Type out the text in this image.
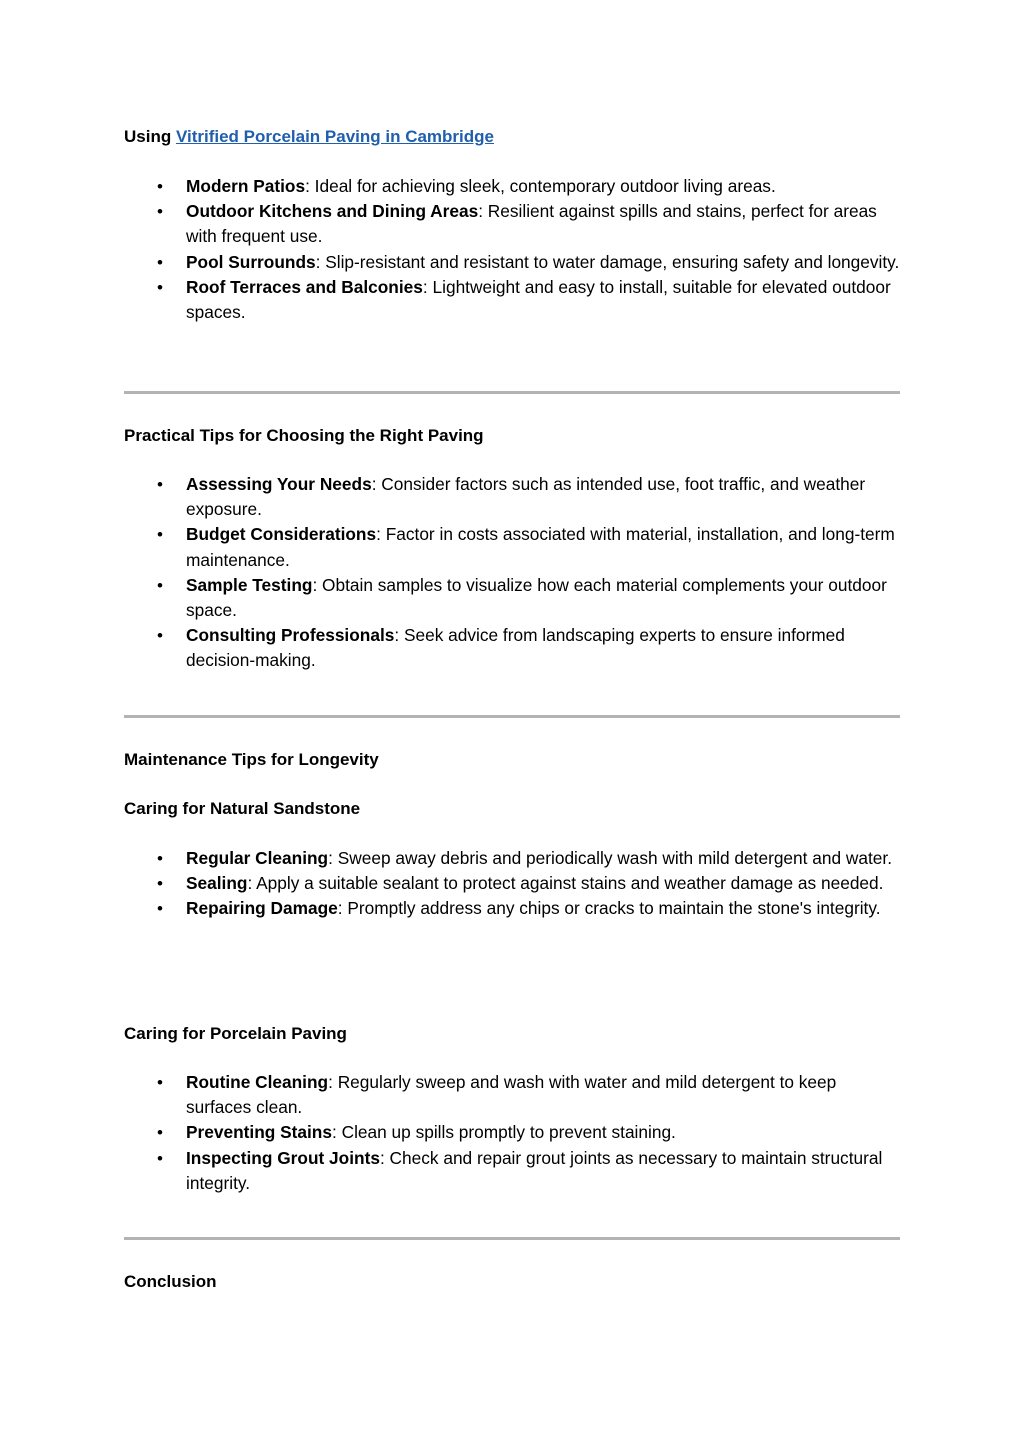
Using Vitrified Porcelain Paving in Cambridge
•	Modern Patios: Ideal for achieving sleek, contemporary outdoor living areas.
•	Outdoor Kitchens and Dining Areas: Resilient against spills and stains, perfect for areas with frequent use.
•	Pool Surrounds: Slip-resistant and resistant to water damage, ensuring safety and longevity.
•	Roof Terraces and Balconies: Lightweight and easy to install, suitable for elevated outdoor spaces.
Practical Tips for Choosing the Right Paving
•	Assessing Your Needs: Consider factors such as intended use, foot traffic, and weather exposure.
•	Budget Considerations: Factor in costs associated with material, installation, and long-term maintenance.
•	Sample Testing: Obtain samples to visualize how each material complements your outdoor space.
•	Consulting Professionals: Seek advice from landscaping experts to ensure informed decision-making.
Maintenance Tips for Longevity
Caring for Natural Sandstone
•	Regular Cleaning: Sweep away debris and periodically wash with mild detergent and water.
•	Sealing: Apply a suitable sealant to protect against stains and weather damage as needed.
•	Repairing Damage: Promptly address any chips or cracks to maintain the stone's integrity.
Caring for Porcelain Paving
•	Routine Cleaning: Regularly sweep and wash with water and mild detergent to keep surfaces clean.
•	Preventing Stains: Clean up spills promptly to prevent staining.
•	Inspecting Grout Joints: Check and repair grout joints as necessary to maintain structural integrity.
Conclusion
